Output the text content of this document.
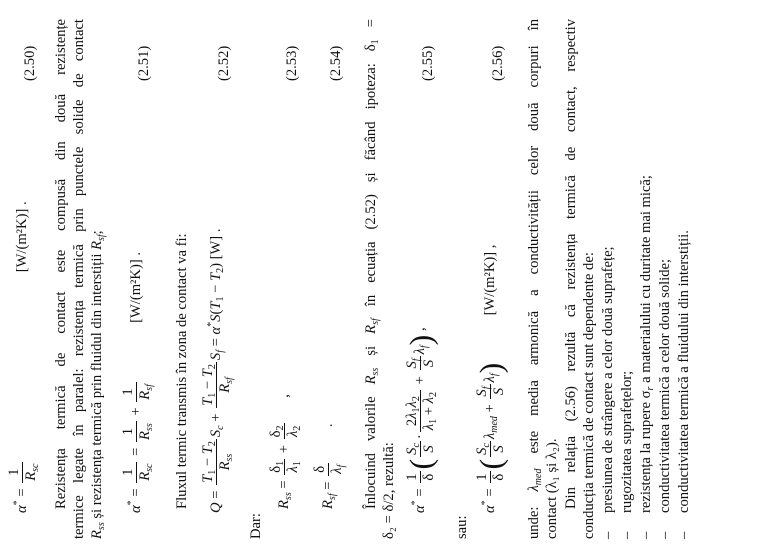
α* =
1 $R_{sc}$
[W/(m²K)] .
(2.50) Rezistența termică de contact este compusă din două rezistențe termice legate în paralel: rezistența termică prin punctele solide de contact $R_{ss}$ și rezistența termică prin fluidul din interstiții $R_{sf}$;
α* =
1 $R_{sc}$
=
1 $R_{ss}$
+
1 $R_{sf}$
[W/(m²K)] .
(2.51)
Fluxul termic transmis în zona de contact va fi:	Q =
$T_1 - T_2$
$R_{ss}$
$S_c$ +
$T_1 - T_2$
$R_{sf}$
$S_f = \alpha^*S(T_1 - T_2)$ [W] .
(2.52)
Dar:
$R_{ss}$ =
$\delta_1$
$\lambda_1$
+
$\delta_2$
$\lambda_2$
,
(2.53)
$R_{sf}$ =
δ $\lambda_f$
.
(2.54)
Înlocuind valorile $R_{ss}$ și $R_{sf}$ în ecuația (2.52) și făcând ipoteza: $\delta_1$ =
δ₂ = δ/2, rezultă:	α* =
1 δ
(
$S_c$
S
·
$2\lambda_1\lambda_2$
$\lambda_1 + \lambda_2$
+
$S_f$ S
$\lambda_f$) ,
(2.55)
sau:
α* =
1 δ
(
$S_c$
S
$\lambda_{med}$ +
$S_f$ S
$\lambda_f$)  [W/(m²K)] ,
(2.56)
unde: $\lambda_{med}$ este media armonică a conductivității celor două corpuri în
contact (λ₁ și λ₂). Din relația (2.56) rezultă că rezistența termică de contact, respectiv conducția termică de contact sunt dependente de: –presiunea de strângere a celor două suprafețe;
–rugozitatea suprafețelor;
–rezistența la rupere $\sigma_r$ a materialului cu duritate mai mică;
–conductivitatea termică a celor două solide;
–conductivitatea termică a fluidului din interstiții.
